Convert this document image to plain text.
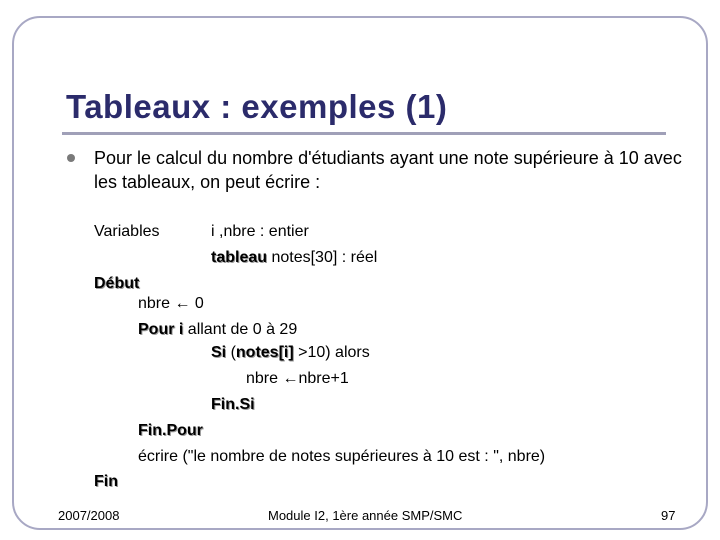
Tableaux : exemples (1)
Pour le calcul du nombre d'étudiants ayant une note supérieure à 10 avec les tableaux, on peut écrire :
Variables	i ,nbre : entier
tableau notes[30] : réel
Début
nbre ← 0
Pour i allant de 0 à 29
Si (notes[i] >10) alors
nbre ←nbre+1
Fin.Si
Fin.Pour
écrire ("le nombre de notes supérieures à 10 est : ", nbre)
Fin
2007/2008	Module I2, 1ère année SMP/SMC	97
